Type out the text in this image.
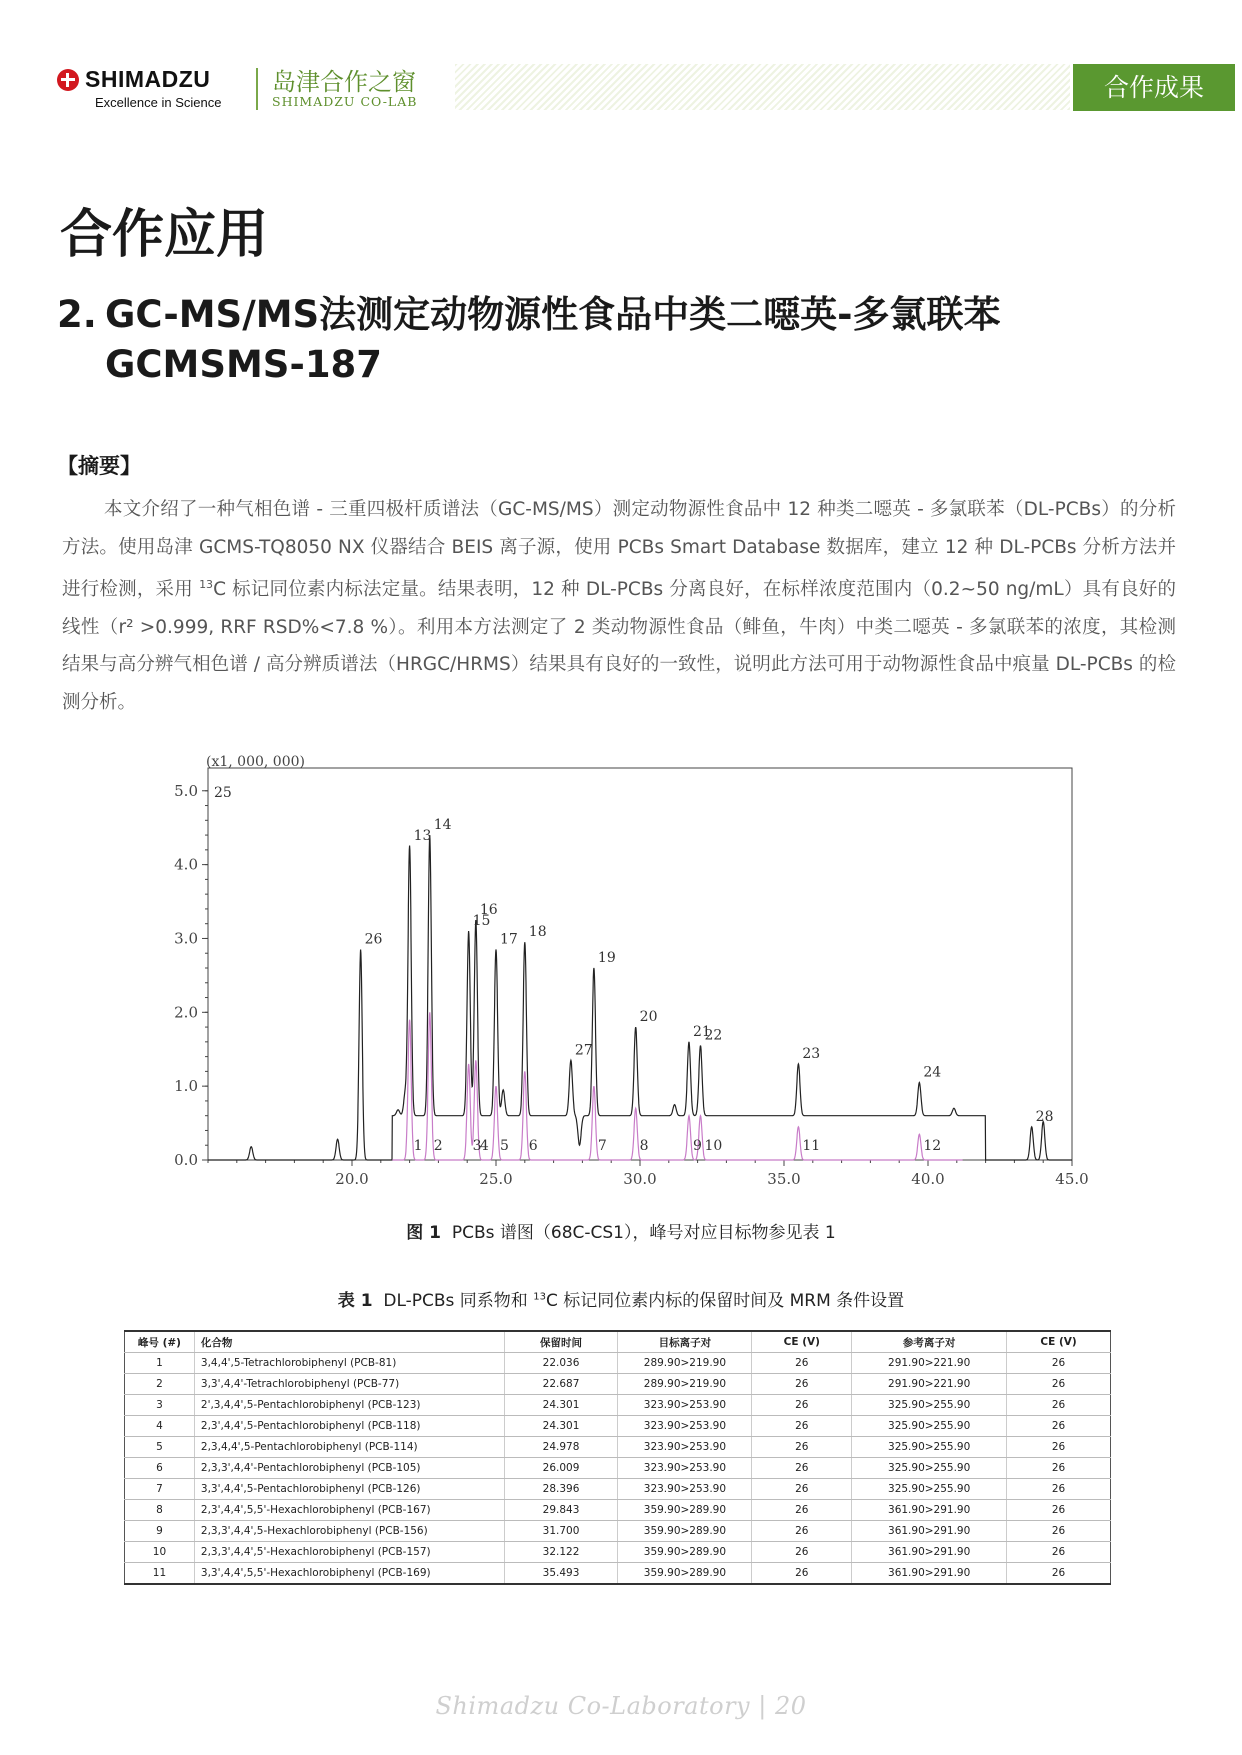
SHIMADZU
Excellence in Science
岛津合作之窗
SHIMADZU CO-LAB	合作成果
合作应用
2. GC-MS/MS法测定动物源性食品中类二噁英-多氯联苯
GCMSMS-187
【摘要】

本文介绍了一种气相色谱 - 三重四极杆质谱法（GC-MS/MS）测定动物源性食品中 12 种类二噁英 - 多氯联苯（DL-PCBs）的分析方法。使用岛津 GCMS-TQ8050 NX 仪器结合 BEIS 离子源，使用 PCBs Smart Database 数据库，建立 12 种 DL-PCBs 分析方法并进行检测，采用 $^{13}$C 标记同位素内标法定量。结果表明，12 种 DL-PCBs 分离良好，在标样浓度范围内（0.2~50 ng/mL）具有良好的线性（r² >0.999, RRF RSD%<7.8 %）。利用本方法测定了 2 类动物源性食品（鲱鱼，牛肉）中类二噁英 - 多氯联苯的浓度，其检测结果与高分辨气相色谱 / 高分辨质谱法（HRGC/HRMS）结果具有良好的一致性，说明此方法可用于动物源性食品中痕量 DL-PCBs 的检测分析。

0.0
1.0
2.0
3.0
4.0
5.0
20.0	25.0	30.0	35.0	40.0	45.0
(x1, 000, 000)
26
13
14
15
16
17 18
27
19
20
21
22
23
24
28
25
1 2 3
4 5 6	7 8	9 10	11	12
图 1 PCBs 谱图（68C-CS1），峰号对应目标物参见表 1
表 1 DL-PCBs 同系物和 $^{13}$C 标记同位素内标的保留时间及 MRM 条件设置
峰号 (#)	化合物	保留时间	目标离子对	CE (V)	参考离子对	CE (V)
1	3,4,4',5-Tetrachlorobiphenyl (PCB-81)	22.036	289.90>219.90	26	291.90>221.90	26
2	3,3',4,4'-Tetrachlorobiphenyl (PCB-77)	22.687	289.90>219.90	26	291.90>221.90	26
3	2',3,4,4',5-Pentachlorobiphenyl (PCB-123)	24.301	323.90>253.90	26	325.90>255.90	26
4	2,3',4,4',5-Pentachlorobiphenyl (PCB-118)	24.301	323.90>253.90	26	325.90>255.90	26
5	2,3,4,4',5-Pentachlorobiphenyl (PCB-114)	24.978	323.90>253.90	26	325.90>255.90	26
6	2,3,3',4,4'-Pentachlorobiphenyl (PCB-105)	26.009	323.90>253.90	26	325.90>255.90	26
7	3,3',4,4',5-Pentachlorobiphenyl (PCB-126)	28.396	323.90>253.90	26	325.90>255.90	26
8	2,3',4,4',5,5'-Hexachlorobiphenyl (PCB-167)	29.843	359.90>289.90	26	361.90>291.90	26
9	2,3,3',4,4',5-Hexachlorobiphenyl (PCB-156)	31.700	359.90>289.90	26	361.90>291.90	26
10	2,3,3',4,4',5'-Hexachlorobiphenyl (PCB-157)	32.122	359.90>289.90	26	361.90>291.90	26
11	3,3',4,4',5,5'-Hexachlorobiphenyl (PCB-169)	35.493	359.90>289.90	26	361.90>291.90	26
Shimadzu Co-Laboratory | 20
